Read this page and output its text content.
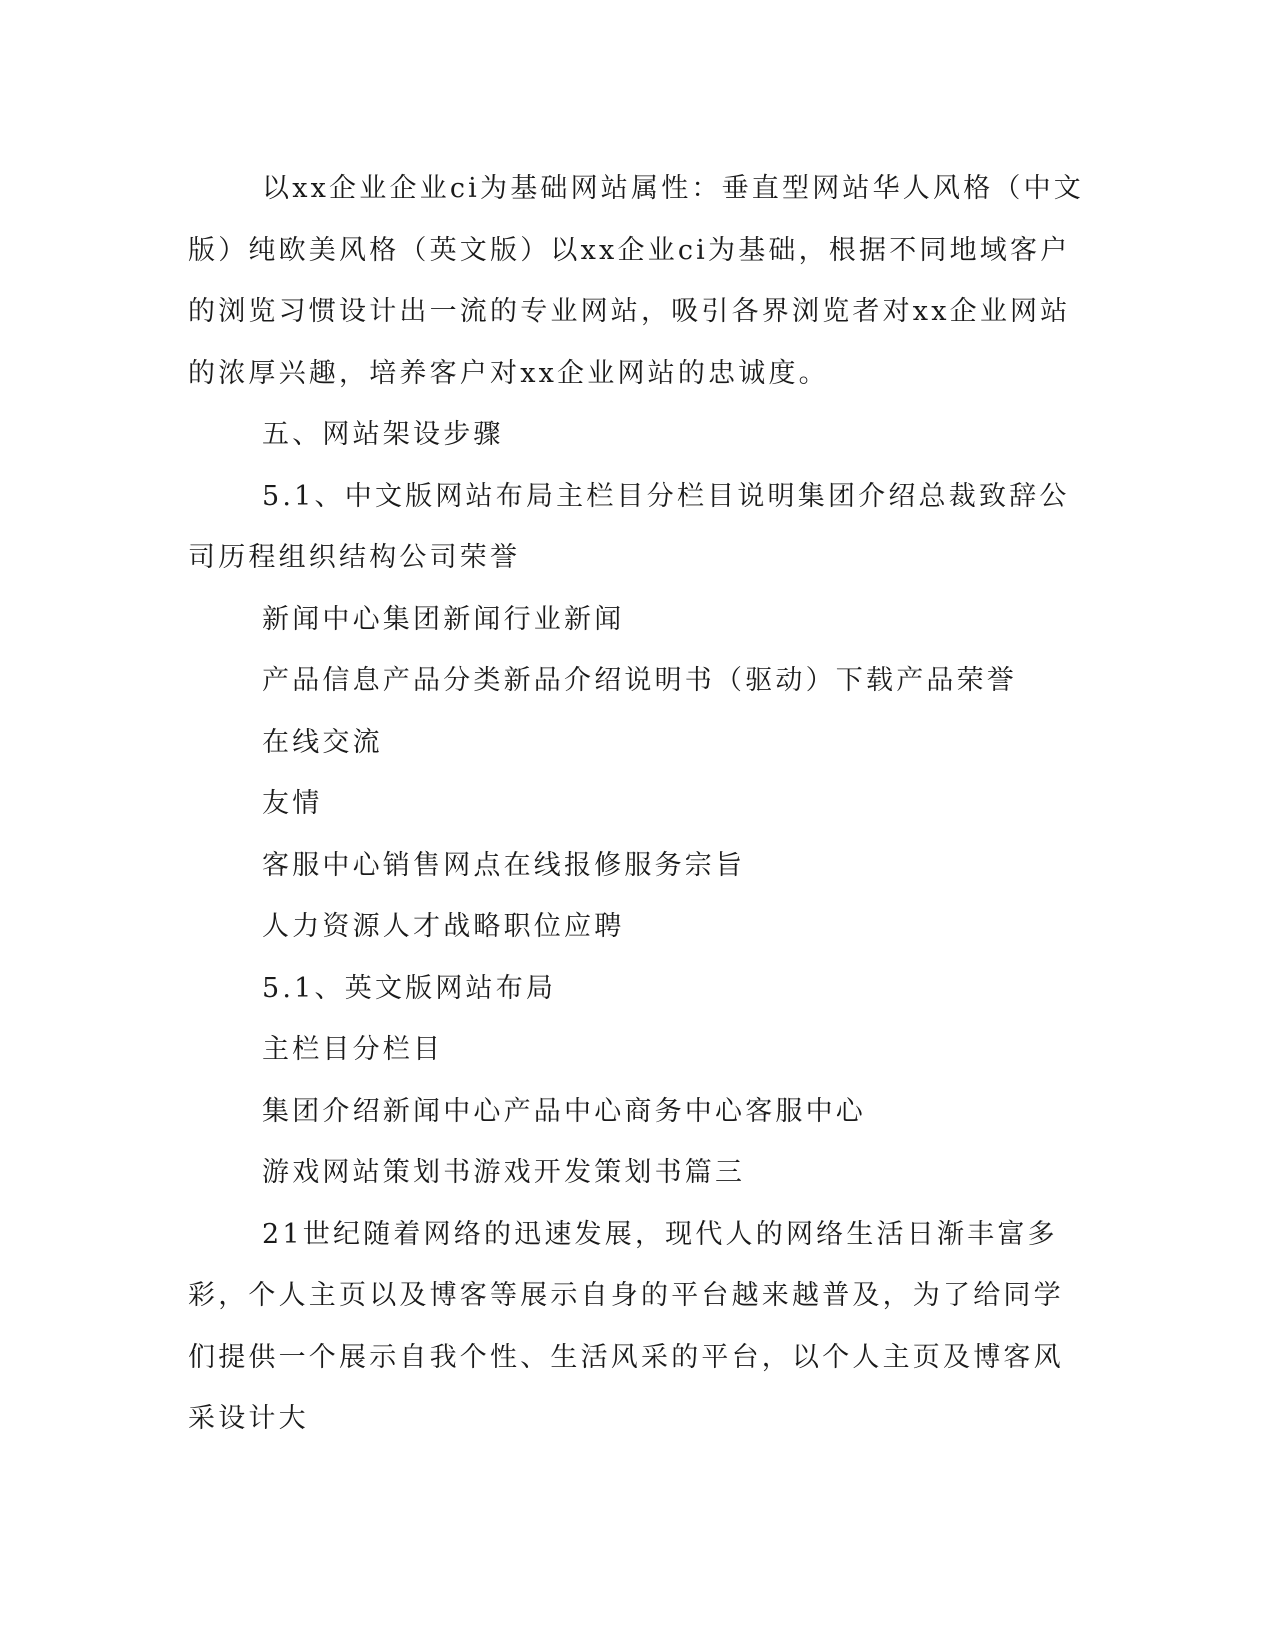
以xx企业企业ci为基础网站属性：垂直型网站华人风格（中文版）纯欧美风格（英文版）以xx企业ci为基础，根据不同地域客户的浏览习惯设计出一流的专业网站，吸引各界浏览者对xx企业网站的浓厚兴趣，培养客户对xx企业网站的忠诚度。

五、网站架设步骤

5.1、中文版网站布局主栏目分栏目说明集团介绍总裁致辞公司历程组织结构公司荣誉

新闻中心集团新闻行业新闻

产品信息产品分类新品介绍说明书（驱动）下载产品荣誉

在线交流

友情

客服中心销售网点在线报修服务宗旨

人力资源人才战略职位应聘

5.1、英文版网站布局

主栏目分栏目

集团介绍新闻中心产品中心商务中心客服中心

游戏网站策划书游戏开发策划书篇三

21世纪随着网络的迅速发展，现代人的网络生活日渐丰富多彩，个人主页以及博客等展示自身的平台越来越普及，为了给同学们提供一个展示自我个性、生活风采的平台，以个人主页及博客风采设计大
